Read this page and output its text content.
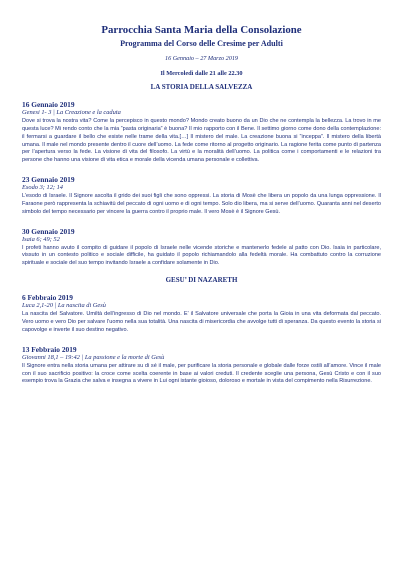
Parrocchia Santa Maria della Consolazione
Programma del Corso delle Cresime per Adulti
16 Gennaio – 27 Marzo 2019
Il Mercoledì dalle 21 alle 22.30
LA STORIA DELLA SALVEZZA
16 Gennaio 2019
Genesi 1- 3 | La Creazione e la caduta

Dove si trova la nostra vita? Come la percepisco in questo mondo? Mondo creato buono da un Dio che ne contempla la bellezza. La trovo in me questa luce? Mi rendo conto che la mia “pasta originaria” è buona? Il mio rapporto con il Bene. Il settimo giorno come dono della contemplazione: il fermarsi a guardare il bello che esiste nelle trame della vita.[…] Il mistero del male. La creazione buona si “inceppa”. Il mistero della libertà umana. Il male nel mondo presente dentro il cuore dell’uomo. La fede come ritorno al progetto originario. La ragione ferita come punto di partenza per l’apertura verso la fede. La visione di vita del filosofo. La virtù e la moralità dell’uomo. La politica come i comportamenti e le relazioni tra persone che hanno una visione di vita etica e morale della vicenda umana personale e collettiva.

23 Gennaio 2019
Esodo 3; 12; 14

L’esodo di Israele. Il Signore ascolta il grido dei suoi figli che sono oppressi. La storia di Mosè che libera un popolo da una lunga oppressione. Il Faraone però rappresenta la schiavitù del peccato di ogni uomo e di ogni tempo. Solo dio libera, ma si serve dell’uomo. Quaranta anni nel deserto simbolo del tempo necessario per vincere la guerra contro il proprio male. Il vero Mosè è il Signore Gesù.

30 Gennaio 2019
Isaia 6; 49; 52

I profeti hanno avuto il compito di guidare il popolo di Israele nelle vicende storiche e mantenerlo fedele al patto con Dio. Isaia in particolare, vissuto in un contesto politico e sociale difficile, ha guidato il popolo richiamandolo alla fedeltà morale. Ha combattuto contro la corruzione spirituale e sociale del suo tempo invitando Israele a confidare solamente in Dio.

GESU’ DI NAZARETH
6 Febbraio 2019
Luca 2,1-20 | La nascita di Gesù

La nascita del Salvatore. Umiltà dell’ingresso di Dio nel mondo. E’ il Salvatore universale che porta la Gioia in una vita deformata dal peccato. Vero uomo e vero Dio per salvare l’uomo nella sua totalità. Una nascita di misericordia che avvolge tutti di speranza. Da questo evento la storia si capovolge e inverte il suo destino negativo.

13 Febbraio 2019
Giovanni 18,1 – 19:42 | La passione e la morte di Gesù

Il Signore entra nella storia umana per attirare su di sé il male, per purificare la storia personale e globale dalle forze ostili all’amore. Vince il male con il suo sacrificio positivo: la croce come scelta coerente in base ai valori creduti. Il credente sceglie una persona, Gesù Cristo e con il suo esempio trova la Grazia che salva e insegna a vivere in Lui ogni istante gioioso, doloroso e mortale in vista del compimento nella Risurrezione.
